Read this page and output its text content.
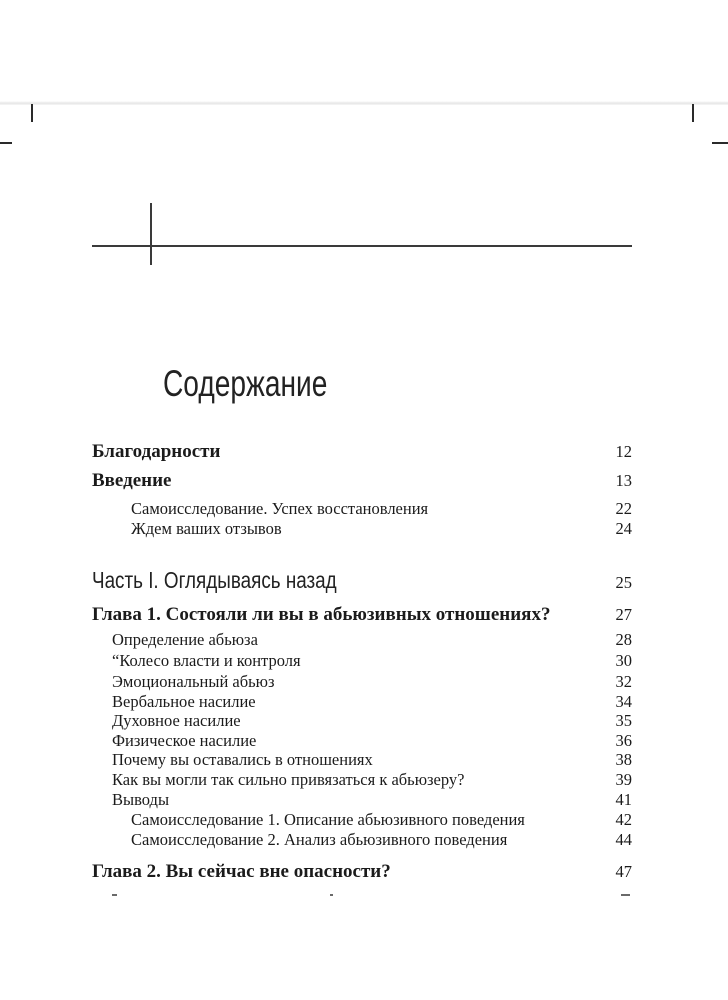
Содержание
Благодарности	12
Введение	13
Самоисследование. Успех восстановления	22
Ждем ваших отзывов	24
Часть I. Оглядываясь назад	25
Глава 1. Состояли ли вы в абьюзивных отношениях?	27
Определение абьюза	28
“Колесо власти и контроля	30
Эмоциональный абьюз	32
Вербальное насилие	34
Духовное насилие	35
Физическое насилие	36
Почему вы оставались в отношениях	38
Как вы могли так сильно привязаться к абьюзеру?	39
Выводы	41
Самоисследование 1. Описание абьюзивного поведения	42
Самоисследование 2. Анализ абьюзивного поведения	44
Глава 2. Вы сейчас вне опасности?	47
